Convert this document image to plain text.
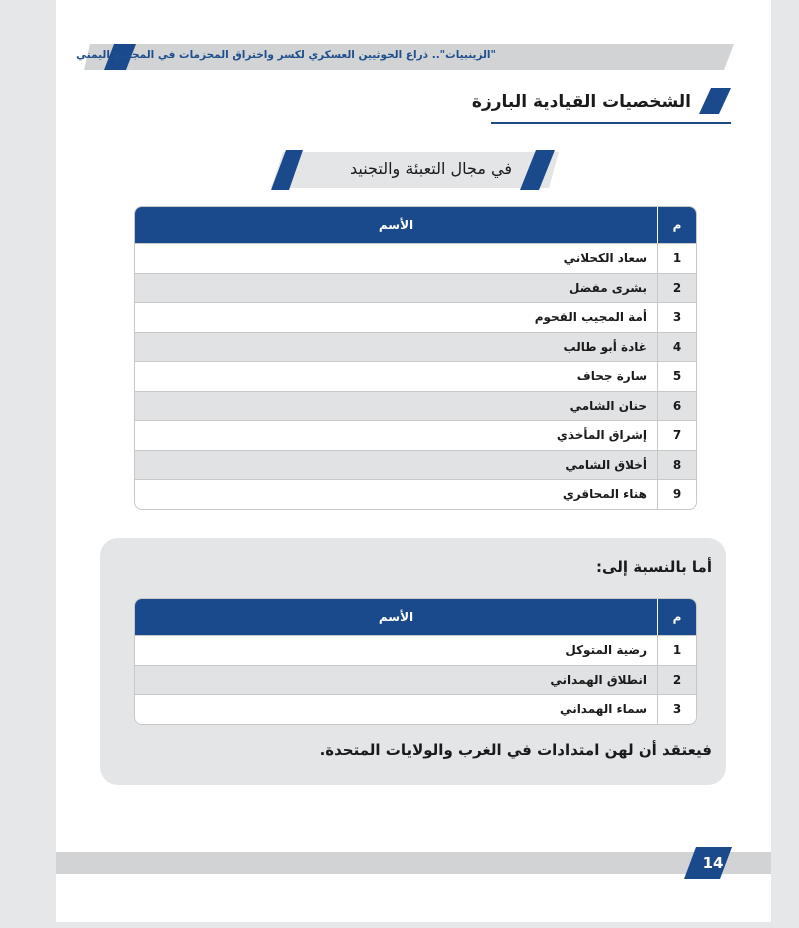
"الزينبيات".. ذراع الحوثيين العسكري لكسر واختراق المحزمات في المجتمع اليمني
الشخصيات القيادية البارزة
في مجال التعبئة والتجنيد
م	الأسم
1	سعاد الكحلاني
2	بشرى مفضل
3	أمة المجيب القحوم
4	غادة أبو طالب
5	سارة جحاف
6	حنان الشامي
7	إشراق المأخذي
8	أخلاق الشامي
9	هناء المحاقري
أما بالنسبة إلى:
م	الأسم
1	رضية المتوكل
2	انطلاق الهمداني
3	سماء الهمداني
فيعتقد أن لهن امتدادات في الغرب والولايات المتحدة.
14
